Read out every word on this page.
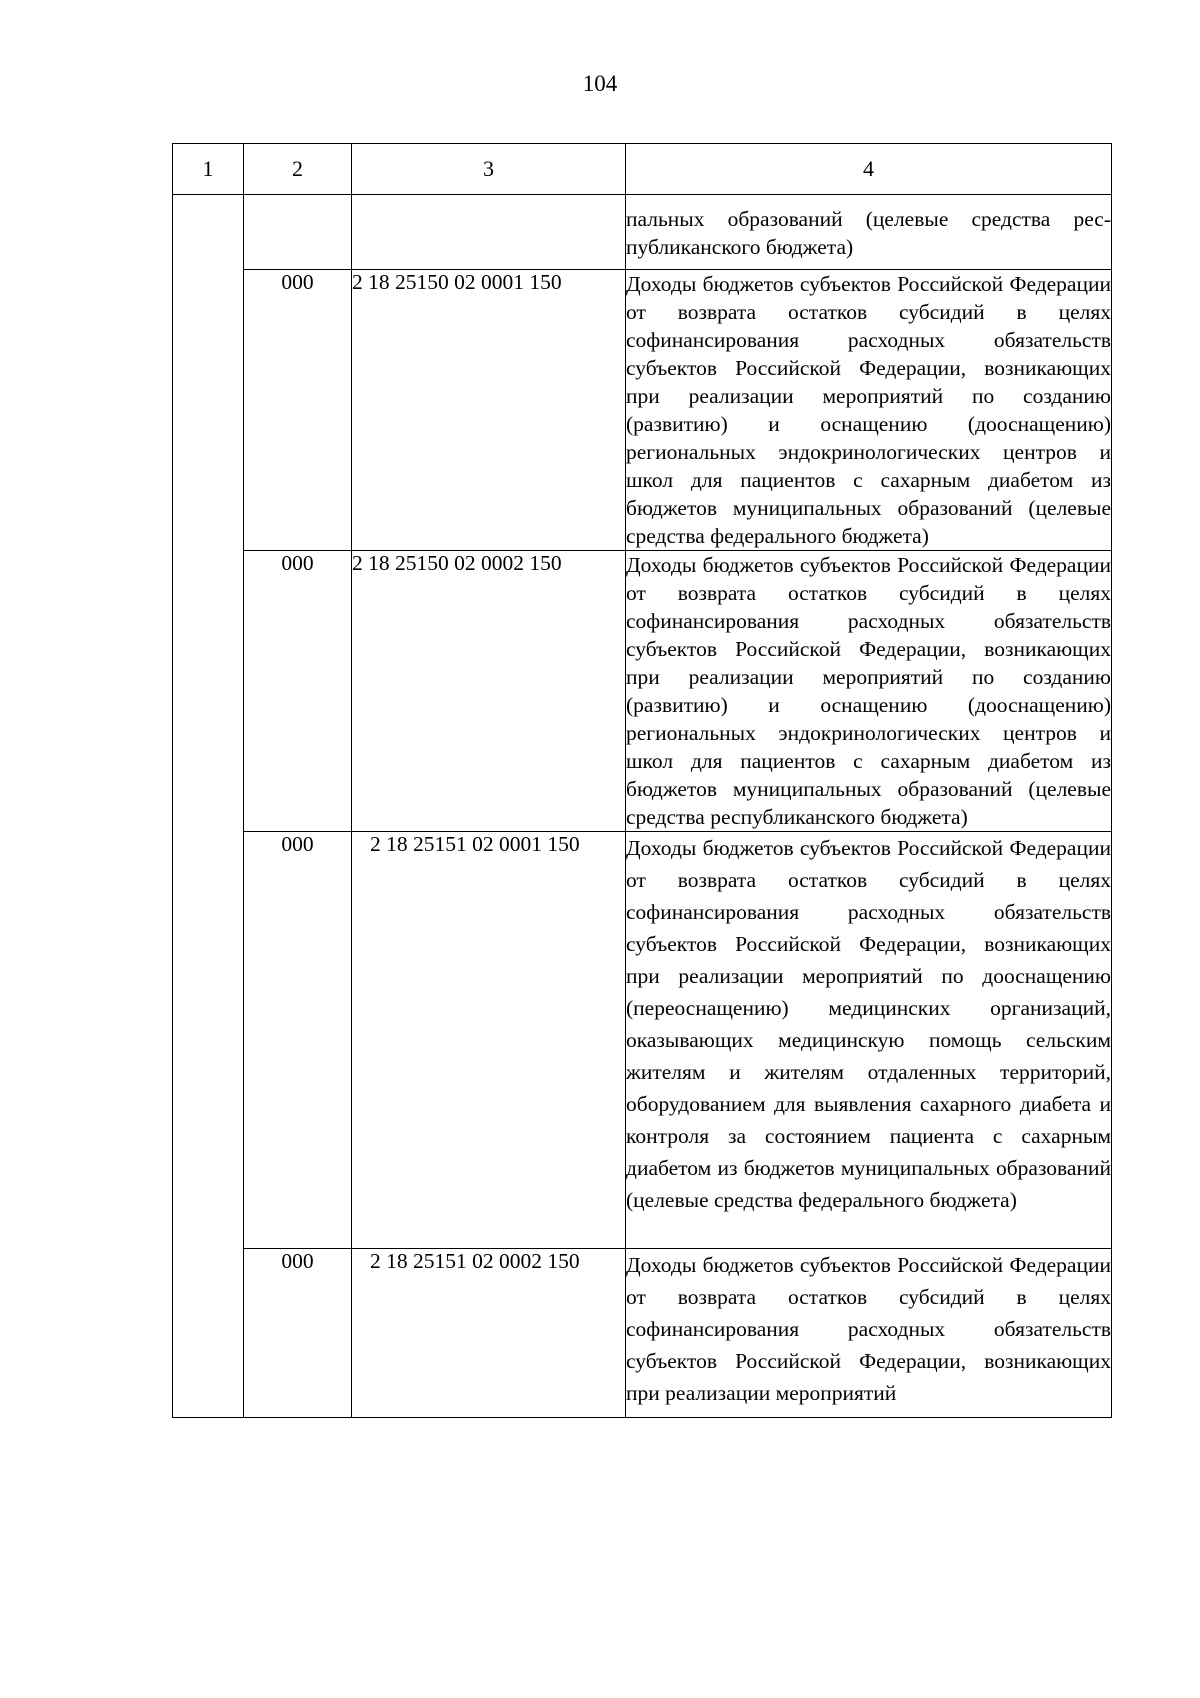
104
1	2	3	4
			пальных образований (целевые средства республиканского бюджета)
	000	2 18 25150 02 0001 150	Доходы бюджетов субъектов Российской Федерации от возврата остатков субсидий в целях софинансирования расходных обязательств субъектов Российской Федерации, возникающих при реализации мероприятий по созданию (развитию) и оснащению (дооснащению) региональных эндокринологических центров и школ для пациентов с сахарным диабетом из бюджетов муниципальных образований (целевые средства федерального бюджета)
	000	2 18 25150 02 0002 150	Доходы бюджетов субъектов Российской Федерации от возврата остатков субсидий в целях софинансирования расходных обязательств субъектов Российской Федерации, возникающих при реализации мероприятий по созданию (развитию) и оснащению (дооснащению) региональных эндокринологических центров и школ для пациентов с сахарным диабетом из бюджетов муниципальных образований (целевые средства республиканского бюджета)
	000	2 18 25151 02 0001 150	Доходы бюджетов субъектов Российской Федерации от возврата остатков субсидий в целях софинансирования расходных обязательств субъектов Российской Федерации, возникающих при реализации мероприятий по дооснащению (переоснащению) медицинских организаций, оказывающих медицинскую помощь сельским жителям и жителям отдаленных территорий, оборудованием для выявления сахарного диабета и контроля за состоянием пациента с сахарным диабетом из бюджетов муниципальных образований (целевые средства федерального бюджета)
	000	2 18 25151 02 0002 150	Доходы бюджетов субъектов Российской Федерации от возврата остатков субсидий в целях софинансирования расходных обязательств субъектов Российской Федерации, возникающих при реализации мероприятий
